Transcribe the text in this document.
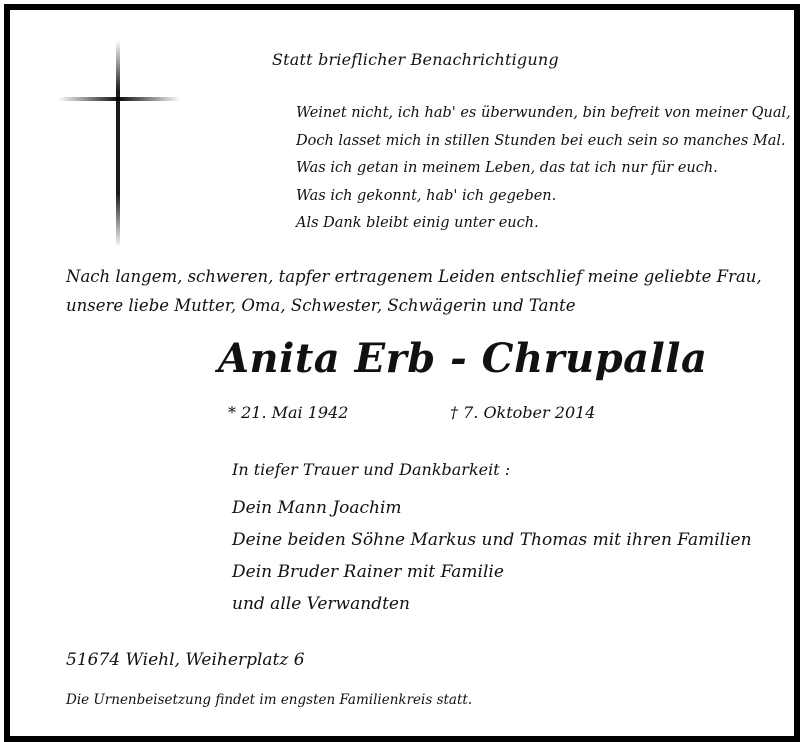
Statt brieflicher Benachrichtigung
Weinet nicht, ich hab' es überwunden, bin befreit von meiner Qual,
Doch lasset mich in stillen Stunden bei euch sein so manches Mal.
Was ich getan in meinem Leben, das tat ich nur für euch.
Was ich gekonnt, hab' ich gegeben.
Als Dank bleibt einig unter euch.
Nach langem, schweren, tapfer ertragenem Leiden entschlief meine geliebte Frau,
unsere liebe Mutter, Oma, Schwester, Schwägerin und Tante
Anita Erb - Chrupalla
* 21. Mai 1942	† 7. Oktober 2014
In tiefer Trauer und Dankbarkeit :
Dein Mann Joachim
Deine beiden Söhne Markus und Thomas mit ihren Familien
Dein Bruder Rainer mit Familie
und alle Verwandten
51674 Wiehl, Weiherplatz 6
Die Urnenbeisetzung findet im engsten Familienkreis statt.
